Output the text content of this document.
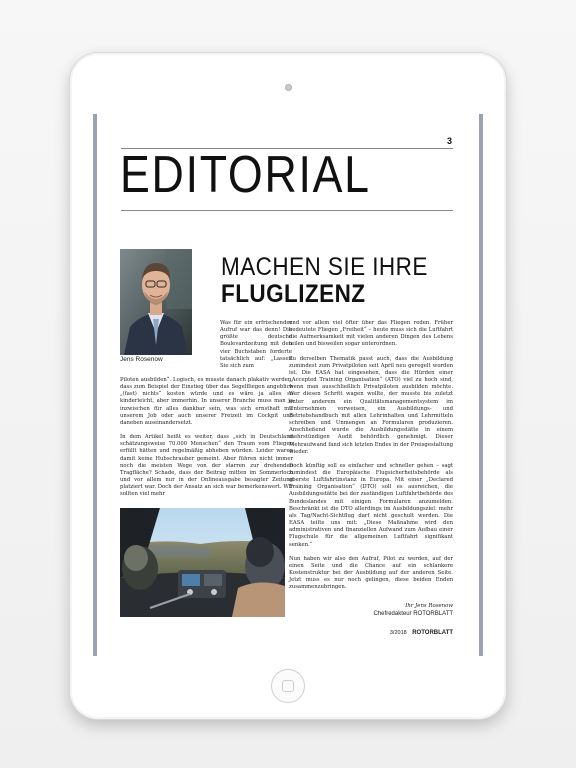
3
EDITORIAL
Jens Rosenow
MACHEN SIE IHRE
FLUGLIZENZ

Was für ein erfrischender Aufruf war das denn! Die größte deutsche Boulevardzeitung mit den vier Buchstaben forderte tatsächlich auf: „Lassen Sie sich zum

Piloten ausbilden“. Logisch, es musste danach plakativ werden, dass zum Beispiel der Einstieg über das Segelfliegen angeblich „(fast) nichts“ kosten würde und es wäre ja alles so kinderleicht, aber immerhin. In unserer Branche muss man ja inzwischen für alles dankbar sein, was sich ernsthaft mit unserem Job oder auch unserer Freizeit im Cockpit und daneben auseinandersetzt.

In dem Artikel heißt es weiter, dass „sich in Deutschland schätzungsweise 70.000 Menschen“ den Traum vom Fliegen erfüllt hätten und regelmäßig abheben würden. Leider waren damit keine Hubschrauber gemeint. Aber führen nicht immer noch die meisten Wege von der starren zur drehenden Tragfläche? Schade, dass der Beitrag mitten im Sommerloch und vor allem nur in der Onlineausgabe besagter Zeitung platziert war. Doch der Ansatz an sich war bemerkenswert. Wir sollten viel mehr

und vor allem viel öfter über das Fliegen reden. Früher bedeutete Fliegen „Freiheit“ – heute muss sich die Luftfahrt die Aufmerksamkeit mit vielen anderen Dingen des Lebens teilen und bisweilen sogar unterordnen.

Zu derselben Thematik passt auch, dass die Ausbildung zumindest zum Privatpiloten seit April neu geregelt worden ist. Die EASA hat eingesehen, dass die Hürden einer „Accepted Training Organisation“ (ATO) viel zu hoch sind, wenn man ausschließlich Privatpiloten ausbilden möchte. Wer diesen Schritt wagen wollte, der musste bis zuletzt unter anderem ein Qualitätsmanagementsystem im Unternehmen vorweisen, ein Ausbildungs- und Betriebshandbuch mit allen Lehrinhalten und Lehrmitteln schreiben und Unmengen an Formularen produzieren. Anschließend wurde die Ausbildungsstätte in einem mehrstündigen Audit behördlich genehmigt. Dieser Mehraufwand fand sich letzten Endes in der Preisgestaltung wieder.

Doch künftig soll es einfacher und schneller gehen – sagt zumindest die Europäische Flugsicherheitsbehörde als oberste Luftfahrtinstanz in Europa. Mit einer „Declared Training Organisation“ (DTO) soll es ausreichen, die Ausbildungsstätte bei der zuständigen Luftfahrtbehörde des Bundeslandes mit einigen Formularen anzumelden. Beschränkt ist die DTO allerdings im Ausbildungsziel: mehr als Tag/Nacht-Sichtflug darf nicht geschult werden. Die EASA teilte uns mit: „Diese Maßnahme wird den administrativen und finanziellen Aufwand zum Aufbau einer Flugschule für die allgemeinen Luftfahrt signifikant senken.“

Nun haben wir also den Aufruf, Pilot zu werden, auf der einen Seite und die Chance auf ein schlankere Kostenstruktur bei der Ausbildung auf der anderen Seite. Jetzt muss es nur noch gelingen, diese beiden Enden zusammenzubringen.

Ihr Jens Rosenow
Chefredakteur ROTORBLATT
3/2018 ROTORBLATT
